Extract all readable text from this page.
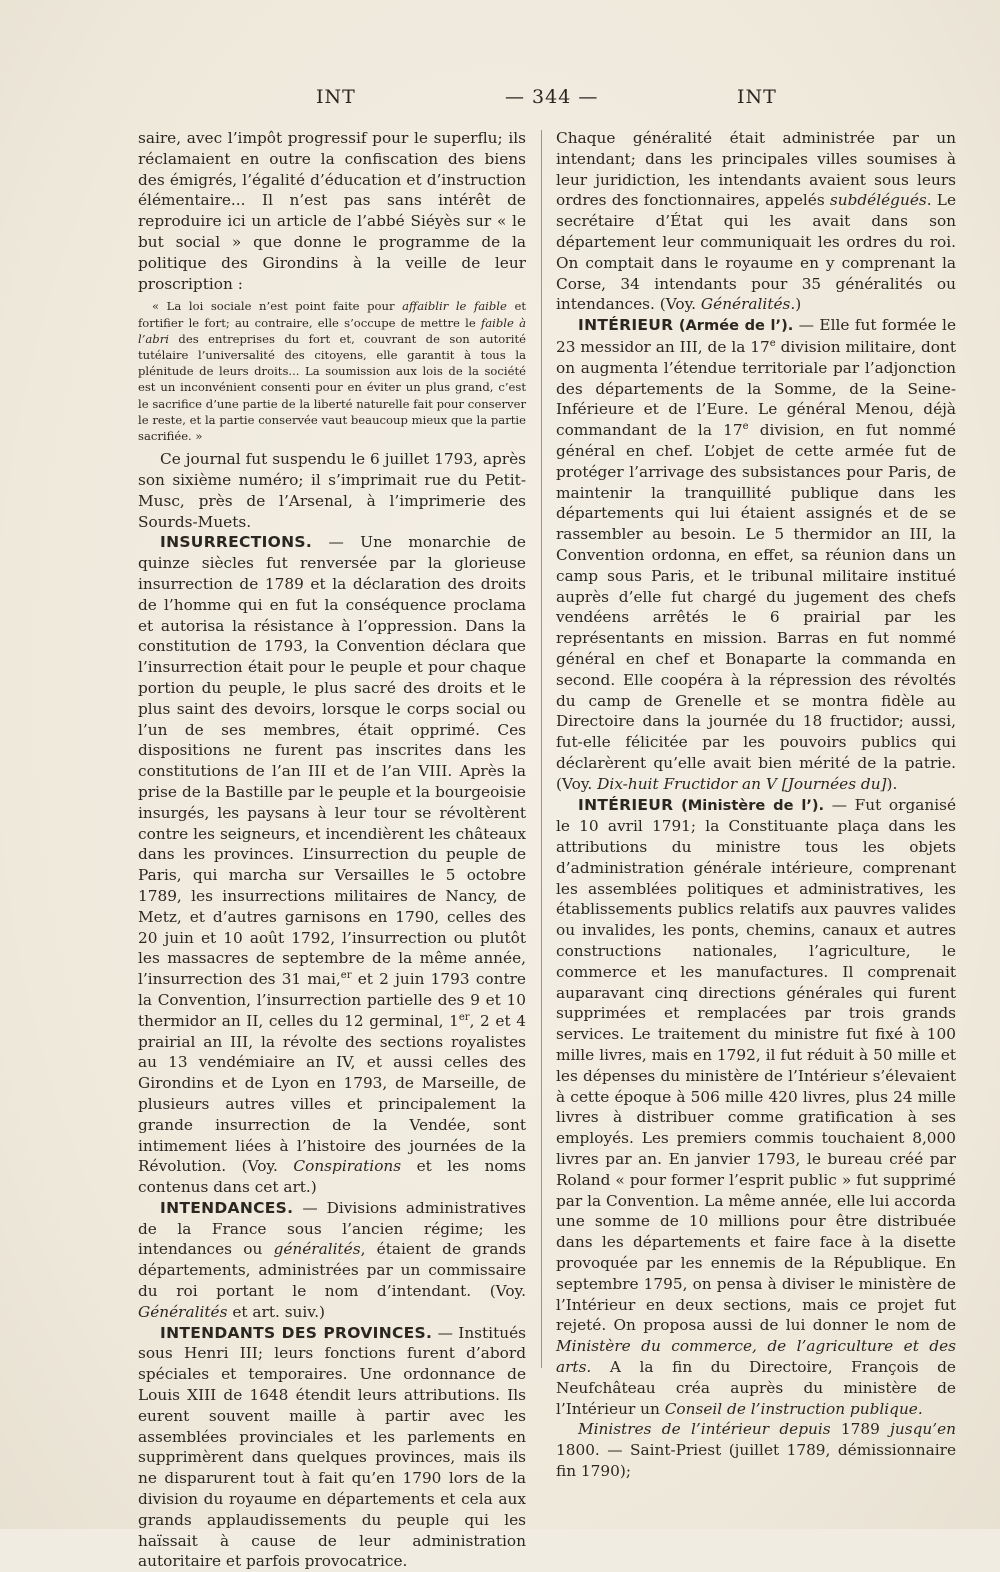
INT	— 344 —	INT

saire, avec l’impôt progressif pour le superflu; ils réclamaient en outre la confiscation des biens des émigrés, l’égalité d’éducation et d’instruction élémentaire... Il n’est pas sans intérêt de reproduire ici un article de l’abbé Siéyès sur « le but social » que donne le programme de la politique des Girondins à la veille de leur proscription :

« La loi sociale n’est point faite pour affaiblir le faible et fortifier le fort; au contraire, elle s’occupe de mettre le faible à l’abri des entreprises du fort et, couvrant de son autorité tutélaire l’universalité des citoyens, elle garantit à tous la plénitude de leurs droits... La soumission aux lois de la société est un inconvénient consenti pour en éviter un plus grand, c’est le sacrifice d’une partie de la liberté naturelle fait pour conserver le reste, et la partie conservée vaut beaucoup mieux que la partie sacrifiée. »

Ce journal fut suspendu le 6 juillet 1793, après son sixième numéro; il s’imprimait rue du Petit-Musc, près de l’Arsenal, à l’imprimerie des Sourds-Muets.

INSURRECTIONS. — Une monarchie de quinze siècles fut renversée par la glorieuse insurrection de 1789 et la déclaration des droits de l’homme qui en fut la conséquence proclama et autorisa la résistance à l’oppression. Dans la constitution de 1793, la Convention déclara que l’insurrection était pour le peuple et pour chaque portion du peuple, le plus sacré des droits et le plus saint des devoirs, lorsque le corps social ou l’un de ses membres, était opprimé. Ces dispositions ne furent pas inscrites dans les constitutions de l’an III et de l’an VIII. Après la prise de la Bastille par le peuple et la bourgeoisie insurgés, les paysans à leur tour se révoltèrent contre les seigneurs, et incendièrent les châteaux dans les provinces. L’insurrection du peuple de Paris, qui marcha sur Versailles le 5 octobre 1789, les insurrections militaires de Nancy, de Metz, et d’autres garnisons en 1790, celles des 20 juin et 10 août 1792, l’insurrection ou plutôt les massacres de septembre de la même année, l’insurrection des 31 mai,$^{er}$ et 2 juin 1793 contre la Convention, l’insurrection partielle des 9 et 10 thermidor an II, celles du 12 germinal, 1er, 2 et 4 prairial an III, la révolte des sections royalistes au 13 vendémiaire an IV, et aussi celles des Girondins et de Lyon en 1793, de Marseille, de plusieurs autres villes et principalement la grande insurrection de la Vendée, sont intimement liées à l’histoire des journées de la Révolution. (Voy. Conspirations et les noms contenus dans cet art.)

INTENDANCES. — Divisions administratives de la France sous l’ancien régime; les intendances ou généralités, étaient de grands départements, administrées par un commissaire du roi portant le nom d’intendant. (Voy. Généralités et art. suiv.)

INTENDANTS DES PROVINCES. — Institués sous Henri III; leurs fonctions furent d’abord spéciales et temporaires. Une ordonnance de Louis XIII de 1648 étendit leurs attributions. Ils eurent souvent maille à partir avec les assemblées provinciales et les parlements en supprimèrent dans quelques provinces, mais ils ne disparurent tout à fait qu’en 1790 lors de la division du royaume en départements et cela aux grands applaudissements du peuple qui les haïssait à cause de leur administration autoritaire et parfois provocatrice.

Chaque généralité était administrée par un intendant; dans les principales villes soumises à leur juridiction, les intendants avaient sous leurs ordres des fonctionnaires, appelés subdélégués. Le secrétaire d’État qui les avait dans son département leur communiquait les ordres du roi. On comptait dans le royaume en y comprenant la Corse, 34 intendants pour 35 généralités ou intendances. (Voy. Généralités.)

INTÉRIEUR (Armée de l’). — Elle fut formée le 23 messidor an III, de la 17e division militaire, dont on augmenta l’étendue territoriale par l’adjonction des départements de la Somme, de la Seine-Inférieure et de l’Eure. Le général Menou, déjà commandant de la 17e division, en fut nommé général en chef. L’objet de cette armée fut de protéger l’arrivage des subsistances pour Paris, de maintenir la tranquillité publique dans les départements qui lui étaient assignés et de se rassembler au besoin. Le 5 thermidor an III, la Convention ordonna, en effet, sa réunion dans un camp sous Paris, et le tribunal militaire institué auprès d’elle fut chargé du jugement des chefs vendéens arrêtés le 6 prairial par les représentants en mission. Barras en fut nommé général en chef et Bonaparte la commanda en second. Elle coopéra à la répression des révoltés du camp de Grenelle et se montra fidèle au Directoire dans la journée du 18 fructidor; aussi, fut-elle félicitée par les pouvoirs publics qui déclarèrent qu’elle avait bien mérité de la patrie. (Voy. Dix-huit Fructidor an V [Journées du]).

INTÉRIEUR (Ministère de l’). — Fut organisé le 10 avril 1791; la Constituante plaça dans les attributions du ministre tous les objets d’administration générale intérieure, comprenant les assemblées politiques et administratives, les établissements publics relatifs aux pauvres valides ou invalides, les ponts, chemins, canaux et autres constructions nationales, l’agriculture, le commerce et les manufactures. Il comprenait auparavant cinq directions générales qui furent supprimées et remplacées par trois grands services. Le traitement du ministre fut fixé à 100 mille livres, mais en 1792, il fut réduit à 50 mille et les dépenses du ministère de l’Intérieur s’élevaient à cette époque à 506 mille 420 livres, plus 24 mille livres à distribuer comme gratification à ses employés. Les premiers commis touchaient 8,000 livres par an. En janvier 1793, le bureau créé par Roland « pour former l’esprit public » fut supprimé par la Convention. La même année, elle lui accorda une somme de 10 millions pour être distribuée dans les départements et faire face à la disette provoquée par les ennemis de la République. En septembre 1795, on pensa à diviser le ministère de l’Intérieur en deux sections, mais ce projet fut rejeté. On proposa aussi de lui donner le nom de Ministère du commerce, de l’agriculture et des arts. A la fin du Directoire, François de Neufchâteau créa auprès du ministère de l’Intérieur un Conseil de l’instruction publique.

Ministres de l’intérieur depuis 1789 jusqu’en 1800. — Saint-Priest (juillet 1789, démissionnaire fin 1790);
